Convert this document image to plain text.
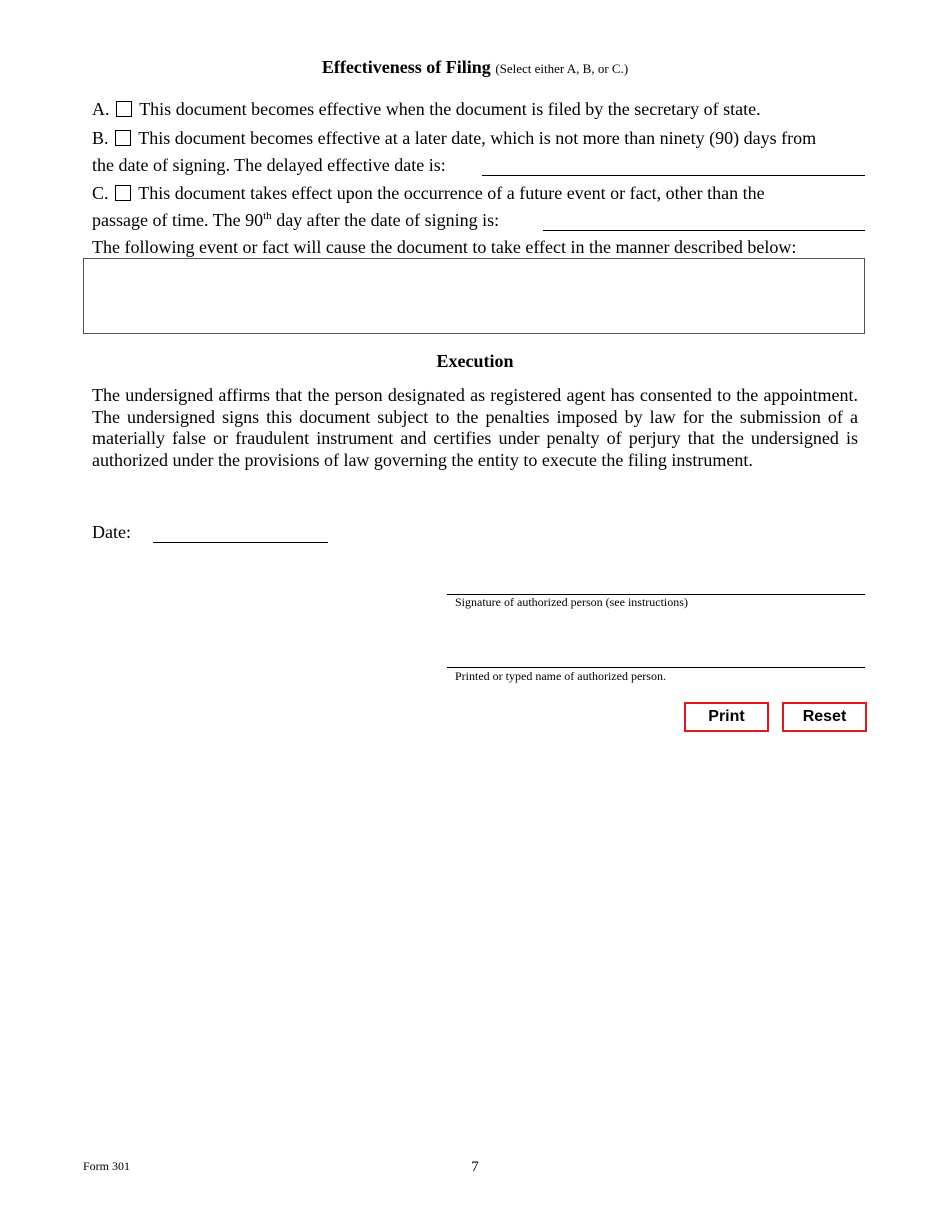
Effectiveness of Filing (Select either A, B, or C.)
A. This document becomes effective when the document is filed by the secretary of state.
B. This document becomes effective at a later date, which is not more than ninety (90) days from
the date of signing. The delayed effective date is:
C. This document takes effect upon the occurrence of a future event or fact, other than the
passage of time. The 90th day after the date of signing is:
The following event or fact will cause the document to take effect in the manner described below:
Execution
The undersigned affirms that the person designated as registered agent has consented to the appointment. The undersigned signs this document subject to the penalties imposed by law for the submission of a materially false or fraudulent instrument and certifies under penalty of perjury that the undersigned is authorized under the provisions of law governing the entity to execute the filing instrument.
Date:
Signature of authorized person (see instructions)
Printed or typed name of authorized person.
Print	Reset
Form 301	7
